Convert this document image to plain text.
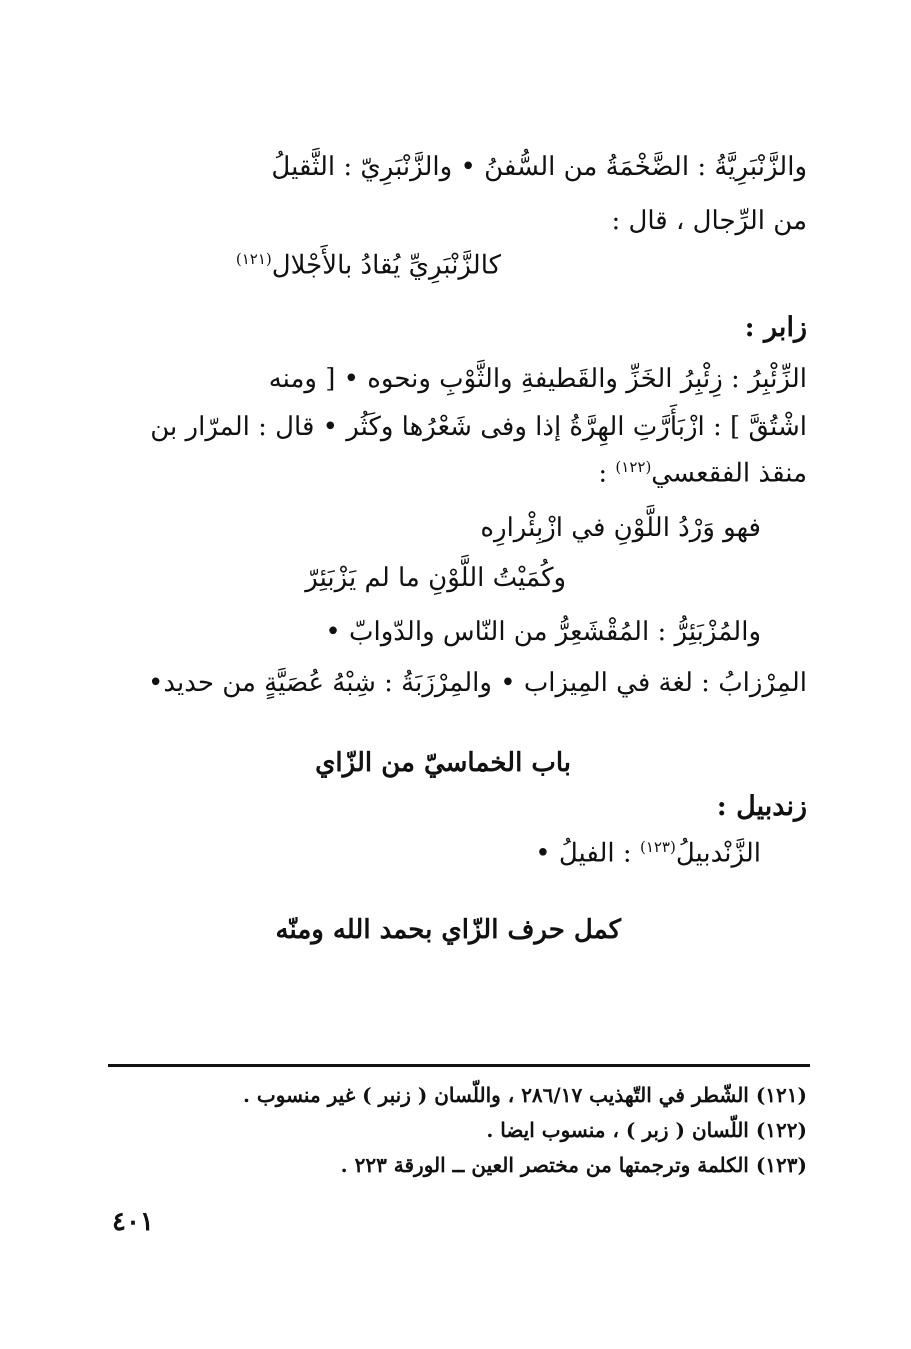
والزَّنْبَرِيَّةُ : الضَّخْمَةُ من السُّفنُ • والزَّنْبَرِيّ : الثَّقيلُ
من الرِّجال ، قال :
كالزَّنْبَرِيِّ يُقادُ بالأَجْلال$^{(١٢١)}$
زابر :
الزِّئْبِرُ : زِئْبِرُ الخَزِّ والقَطيفةِ والثَّوْبِ ونحوه • [ ومنه
اشْتُقَّ ] : ازْبَأَرَّتِ الهِرَّةُ إذا وفى شَعْرُها وكَثُر • قال : المرّار بن
منقذ الفقعسي$^{(١٢٢)}$ :
فهو وَرْدُ اللَّوْنِ في ازْبِئْرارِه
وكُمَيْتُ اللَّوْنِ ما لم يَزْبَئِرّ
والمُزْبَئِرُّ : المُقْشَعِرُّ من النّاس والدّوابّ •
المِرْزابُ : لغة في المِيزاب • والمِرْزَبَةُ : شِبْهُ عُصَيَّةٍ من حديد•
باب الخماسيّ من الزّاي
زندبيل :
الزَّنْدبيلُ$^{(١٢٣)}$ : الفيلُ •
كمل حرف الزّاي بحمد الله ومنّه
(١٢١) الشّطر في التّهذيب ٢٨٦/١٧ ، واللّسان ( زنبر ) غير منسوب .
(١٢٢) اللّسان ( زبر ) ، منسوب ايضا .
(١٢٣) الكلمة وترجمتها من مختصر العين ــ الورقة ٢٢٣ .
٤٠١
